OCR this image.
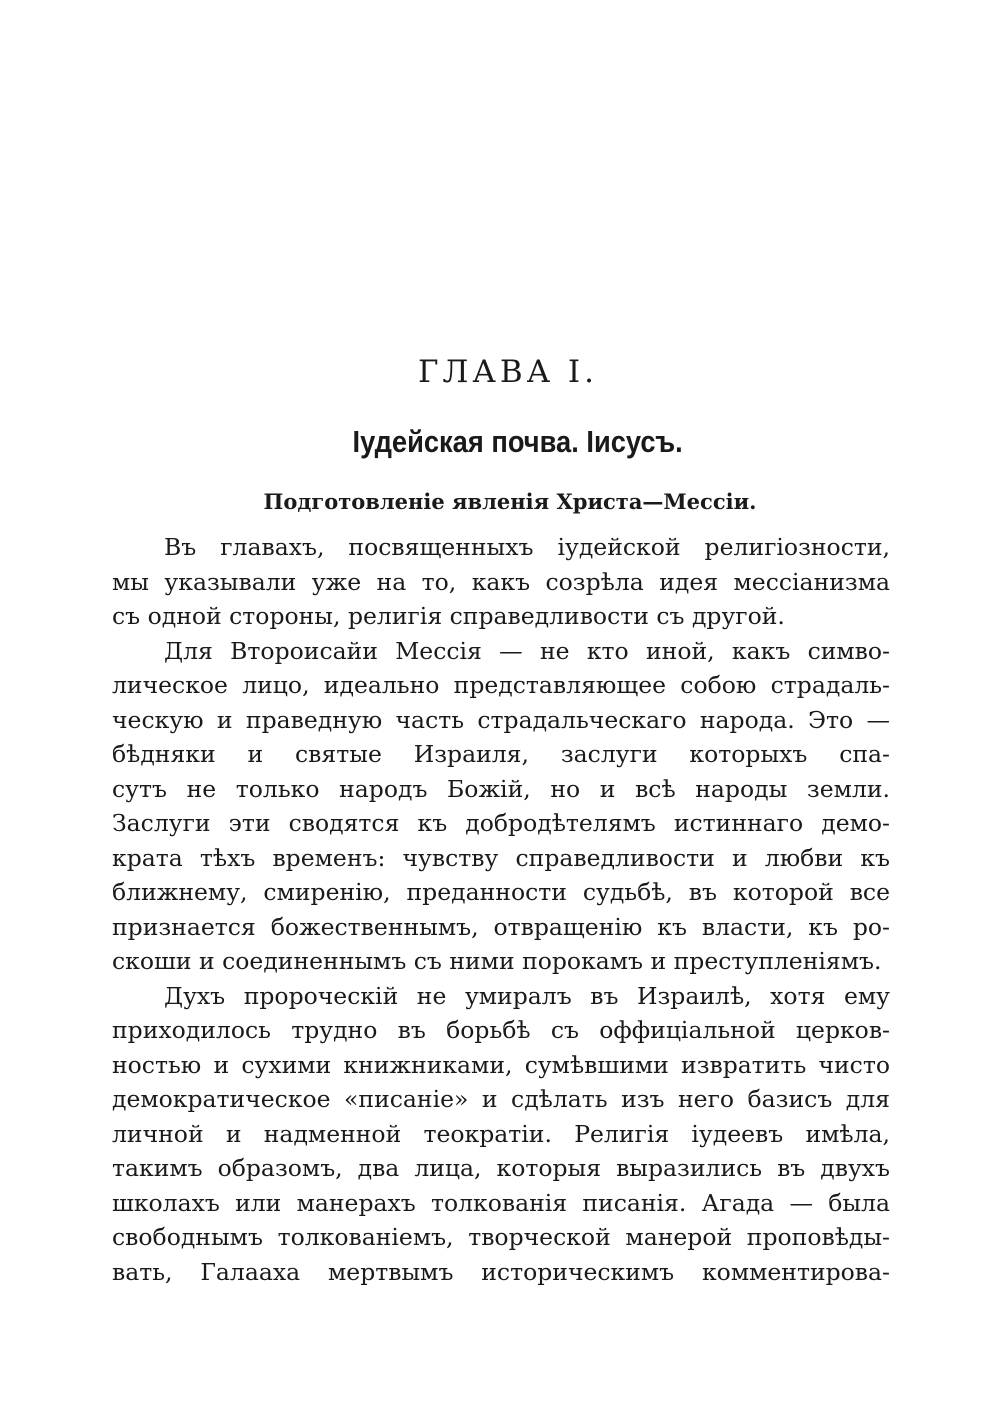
ГЛАВА I.
Іудейская почва. Іисусъ.
Подготовленіе явленія Христа—Мессіи.
Въ главахъ, посвященныхъ іудейской религіозности,
мы указывали уже на то, какъ созрѣла идея мессіанизма
съ одной стороны, религія справедливости съ другой.
Для Второисайи Мессія — не кто иной, какъ симво-
лическое лицо, идеально представляющее собою страдаль-
ческую и праведную часть страдальческаго народа. Это —
бѣдняки и святые Израиля, заслуги которыхъ спа-
сутъ не только народъ Божій, но и всѣ народы земли.
Заслуги эти сводятся къ добродѣтелямъ истиннаго демо-
крата тѣхъ временъ: чувству справедливости и любви къ
ближнему, смиренію, преданности судьбѣ, въ которой все
признается божественнымъ, отвращенію къ власти, къ ро-
скоши и соединеннымъ съ ними порокамъ и преступленіямъ.
Духъ пророческій не умиралъ въ Израилѣ, хотя ему
приходилось трудно въ борьбѣ съ оффиціальной церков-
ностью и сухими книжниками, сумѣвшими извратить чисто
демократическое «писаніе» и сдѣлать изъ него базисъ для
личной и надменной теократіи. Религія іудеевъ имѣла,
такимъ образомъ, два лица, которыя выразились въ двухъ
школахъ или манерахъ толкованія писанія. Агада — была
свободнымъ толкованіемъ, творческой манерой проповѣды-
вать, Галааха мертвымъ историческимъ комментирова-
